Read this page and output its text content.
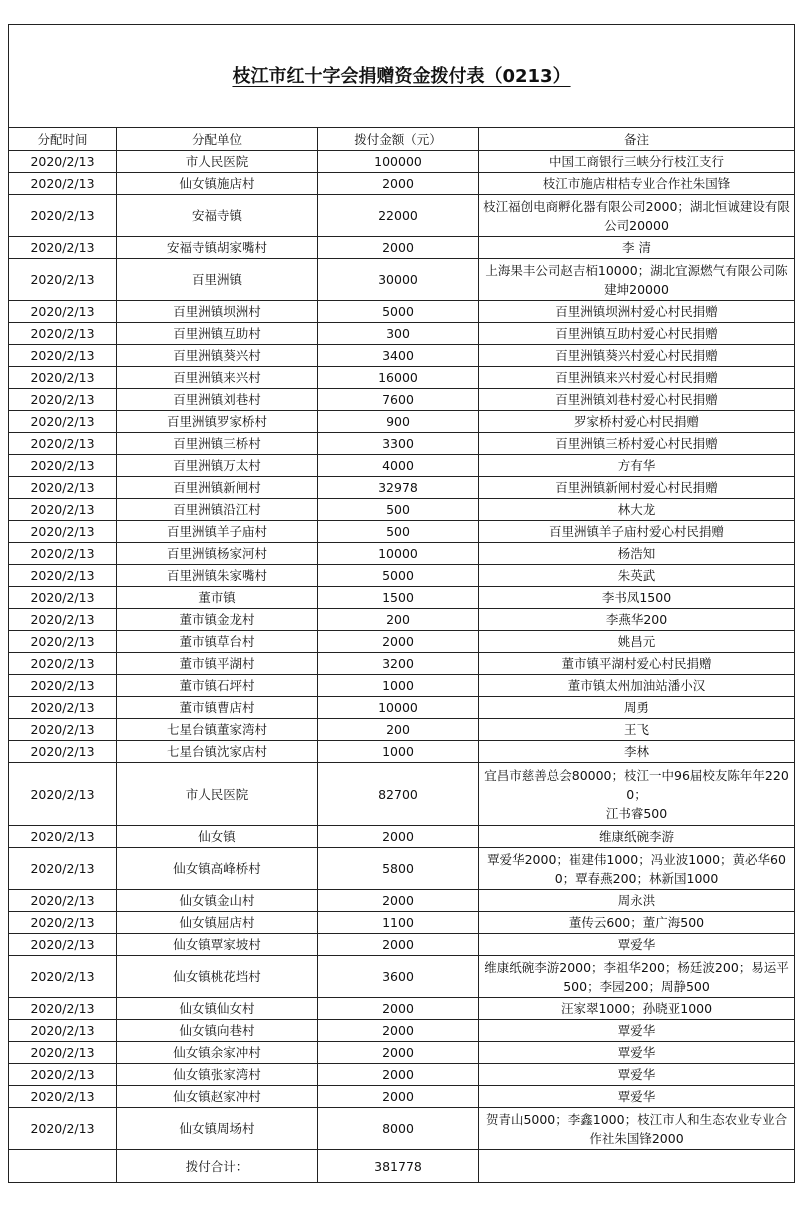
枝江市红十字会捐赠资金拨付表（0213）			
分配时间	分配单位	拨付金额（元）	备注
2020/2/13	市人民医院	100000	中国工商银行三峡分行枝江支行
2020/2/13	仙女镇施店村	2000	枝江市施店柑桔专业合作社朱国锋
2020/2/13	安福寺镇	22000	枝江福创电商孵化器有限公司2000；湖北恒诚建设有限公司20000
2020/2/13	安福寺镇胡家嘴村	2000	李 清
2020/2/13	百里洲镇	30000	上海果丰公司赵吉栢10000；湖北宜源燃气有限公司陈建坤20000
2020/2/13	百里洲镇坝洲村	5000	百里洲镇坝洲村爱心村民捐赠
2020/2/13	百里洲镇互助村	300	百里洲镇互助村爱心村民捐赠
2020/2/13	百里洲镇葵兴村	3400	百里洲镇葵兴村爱心村民捐赠
2020/2/13	百里洲镇来兴村	16000	百里洲镇来兴村爱心村民捐赠
2020/2/13	百里洲镇刘巷村	7600	百里洲镇刘巷村爱心村民捐赠
2020/2/13	百里洲镇罗家桥村	900	罗家桥村爱心村民捐赠
2020/2/13	百里洲镇三桥村	3300	百里洲镇三桥村爱心村民捐赠
2020/2/13	百里洲镇万太村	4000	方有华
2020/2/13	百里洲镇新闸村	32978	百里洲镇新闸村爱心村民捐赠
2020/2/13	百里洲镇沿江村	500	林大龙
2020/2/13	百里洲镇羊子庙村	500	百里洲镇羊子庙村爱心村民捐赠
2020/2/13	百里洲镇杨家河村	10000	杨浩知
2020/2/13	百里洲镇朱家嘴村	5000	朱英武
2020/2/13	董市镇	1500	李书凤1500
2020/2/13	董市镇金龙村	200	李燕华200
2020/2/13	董市镇草台村	2000	姚昌元
2020/2/13	董市镇平湖村	3200	董市镇平湖村爱心村民捐赠
2020/2/13	董市镇石坪村	1000	董市镇太州加油站潘小汉
2020/2/13	董市镇曹店村	10000	周勇
2020/2/13	七星台镇董家湾村	200	王飞
2020/2/13	七星台镇沈家店村	1000	李林
2020/2/13	市人民医院	82700	宜昌市慈善总会80000；枝江一中96届校友陈年年2200；
江书睿500
2020/2/13	仙女镇	2000	维康纸碗李游
2020/2/13	仙女镇高峰桥村	5800	覃爱华2000；崔建伟1000；冯业波1000；黄必华600；覃春燕200；林新国1000
2020/2/13	仙女镇金山村	2000	周永洪
2020/2/13	仙女镇屈店村	1100	董传云600；董广海500
2020/2/13	仙女镇覃家坡村	2000	覃爱华
2020/2/13	仙女镇桃花垱村	3600	维康纸碗李游2000；李祖华200；杨廷波200；易运平500；李园200；周静500
2020/2/13	仙女镇仙女村	2000	汪家翠1000；孙晓亚1000
2020/2/13	仙女镇向巷村	2000	覃爱华
2020/2/13	仙女镇余家冲村	2000	覃爱华
2020/2/13	仙女镇张家湾村	2000	覃爱华
2020/2/13	仙女镇赵家冲村	2000	覃爱华
2020/2/13	仙女镇周场村	8000	贺青山5000；李鑫1000；枝江市人和生态农业专业合作社朱国锋2000
	拨付合计：	381778	
